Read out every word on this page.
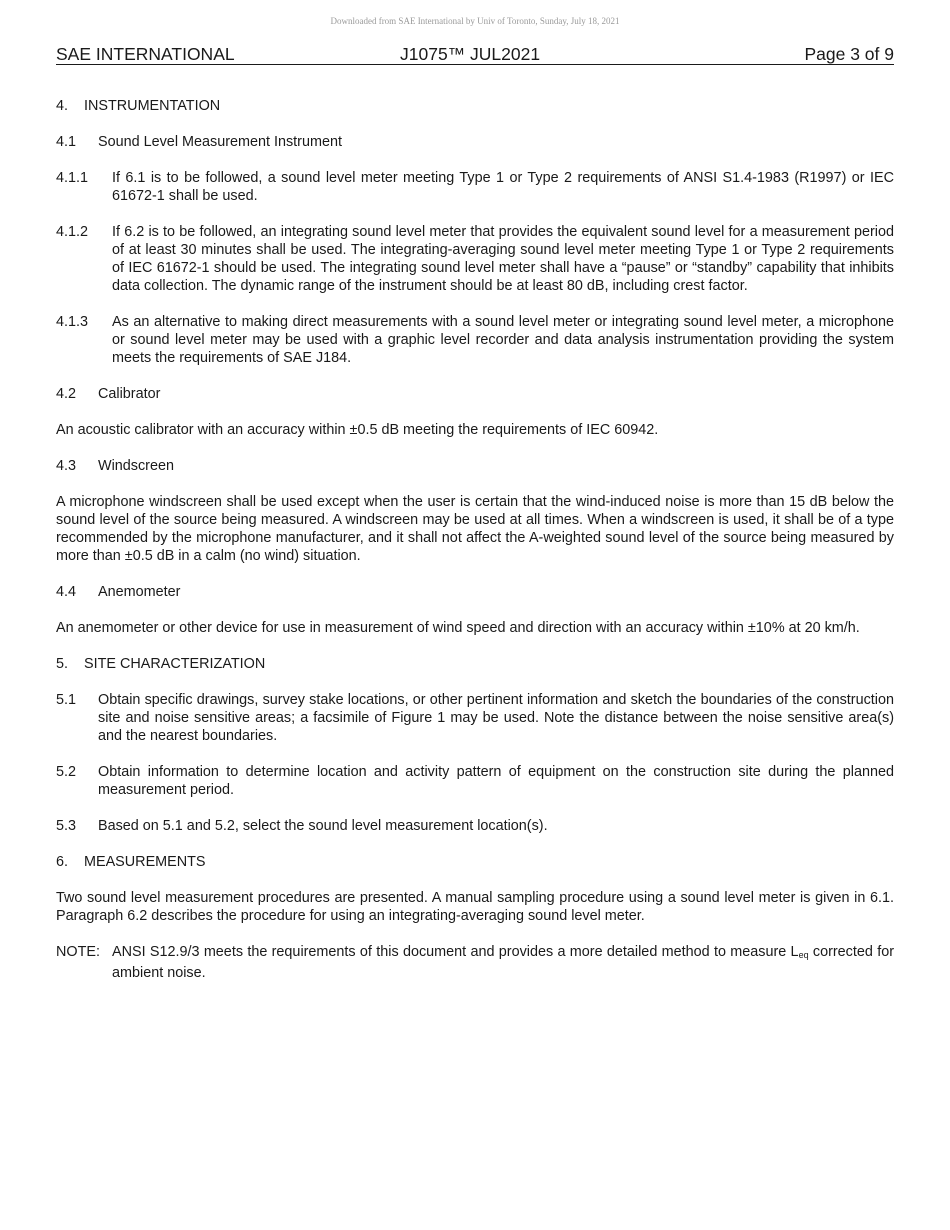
Downloaded from SAE International by Univ of Toronto, Sunday, July 18, 2021
SAE INTERNATIONAL	J1075™ JUL2021	Page 3 of 9
4.	INSTRUMENTATION
4.1	Sound Level Measurement Instrument
4.1.1	If 6.1 is to be followed, a sound level meter meeting Type 1 or Type 2 requirements of ANSI S1.4-1983 (R1997) or IEC 61672-1 shall be used.
4.1.2	If 6.2 is to be followed, an integrating sound level meter that provides the equivalent sound level for a measurement period of at least 30 minutes shall be used. The integrating-averaging sound level meter meeting Type 1 or Type 2 requirements of IEC 61672-1 should be used. The integrating sound level meter shall have a “pause” or “standby” capability that inhibits data collection. The dynamic range of the instrument should be at least 80 dB, including crest factor.
4.1.3	As an alternative to making direct measurements with a sound level meter or integrating sound level meter, a microphone or sound level meter may be used with a graphic level recorder and data analysis instrumentation providing the system meets the requirements of SAE J184.
4.2	Calibrator
An acoustic calibrator with an accuracy within ±0.5 dB meeting the requirements of IEC 60942.
4.3	Windscreen
A microphone windscreen shall be used except when the user is certain that the wind-induced noise is more than 15 dB below the sound level of the source being measured. A windscreen may be used at all times. When a windscreen is used, it shall be of a type recommended by the microphone manufacturer, and it shall not affect the A-weighted sound level of the source being measured by more than ±0.5 dB in a calm (no wind) situation.
4.4	Anemometer
An anemometer or other device for use in measurement of wind speed and direction with an accuracy within ±10% at 20 km/h.
5.	SITE CHARACTERIZATION
5.1	Obtain specific drawings, survey stake locations, or other pertinent information and sketch the boundaries of the construction site and noise sensitive areas; a facsimile of Figure 1 may be used. Note the distance between the noise sensitive area(s) and the nearest boundaries.
5.2	Obtain information to determine location and activity pattern of equipment on the construction site during the planned measurement period.
5.3	Based on 5.1 and 5.2, select the sound level measurement location(s).
6.	MEASUREMENTS
Two sound level measurement procedures are presented. A manual sampling procedure using a sound level meter is given in 6.1. Paragraph 6.2 describes the procedure for using an integrating-averaging sound level meter.
NOTE: ANSI S12.9/3 meets the requirements of this document and provides a more detailed method to measure $L_{eq}$ corrected for ambient noise.
